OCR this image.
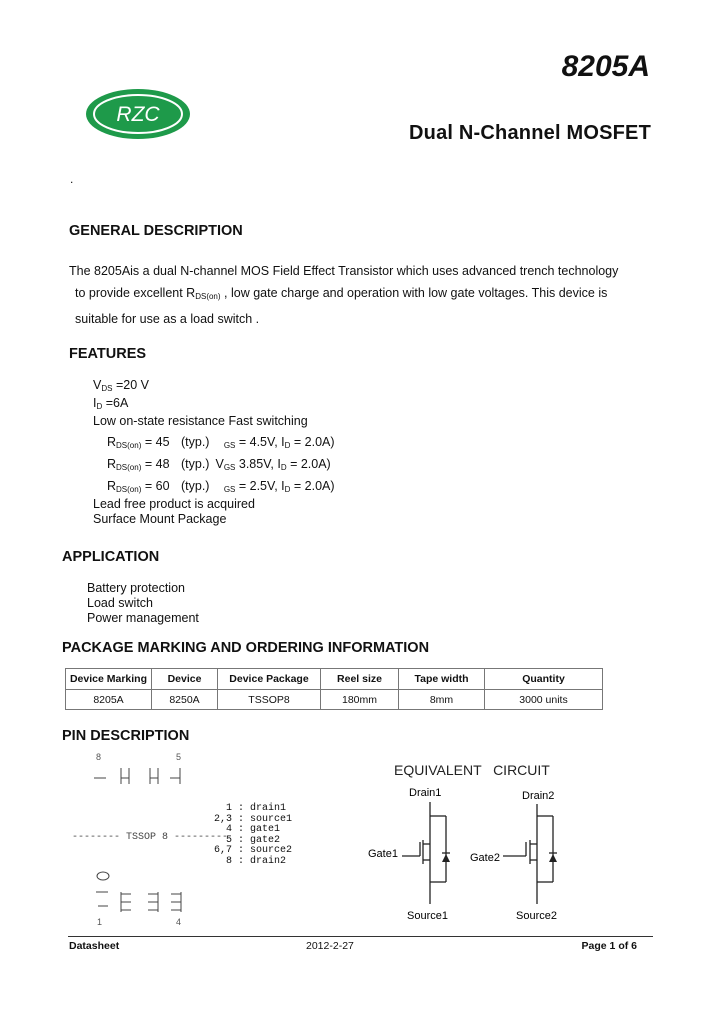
8205A
RZC
Dual N-Channel MOSFET
.
GENERAL DESCRIPTION
The 8205Ais a dual N-channel MOS Field Effect Transistor which uses advanced trench technology
to provide excellent $R_{DS(on)}$ , low gate charge and operation with low gate voltages. This device is
suitable for use as a load switch .
FEATURES
$V_{DS} =20$ V
$I_D =6A$
Low on-state resistance Fast switching
$R_{DS(on)} = 45$ (typ.) $V_{GS} = 4.5V$, $I_D = 2.0A$)
$R_{DS(on)} = 48$ (typ.) $V_{GS}$ 3.85V, $I_D = 2.0A$)
$R_{DS(on)} = 60$ (typ.) $V_{GS} = 2.5V$, $I_D = 2.0A$)
Lead free product is acquired
Surface Mount Package
APPLICATION
Battery protection
Load switch
Power management
PACKAGE MARKING AND ORDERING INFORMATION
Device Marking	Device	Device Package	Reel size	Tape width	Quantity
8205A	8250A	TSSOP8	180mm	8mm	3000 units
PIN DESCRIPTION
8	5
1	4
-------- TSSOP 8 ---------
1 : drain1
2,3 : source1
4 : gate1
5 : gate2
6,7 : source2
8 : drain2
EQUIVALENT   CIRCUIT
Drain1	Drain2
Gate1	Gate2
Source1	Source2
Datasheet	2012-2-27	Page 1 of 6
